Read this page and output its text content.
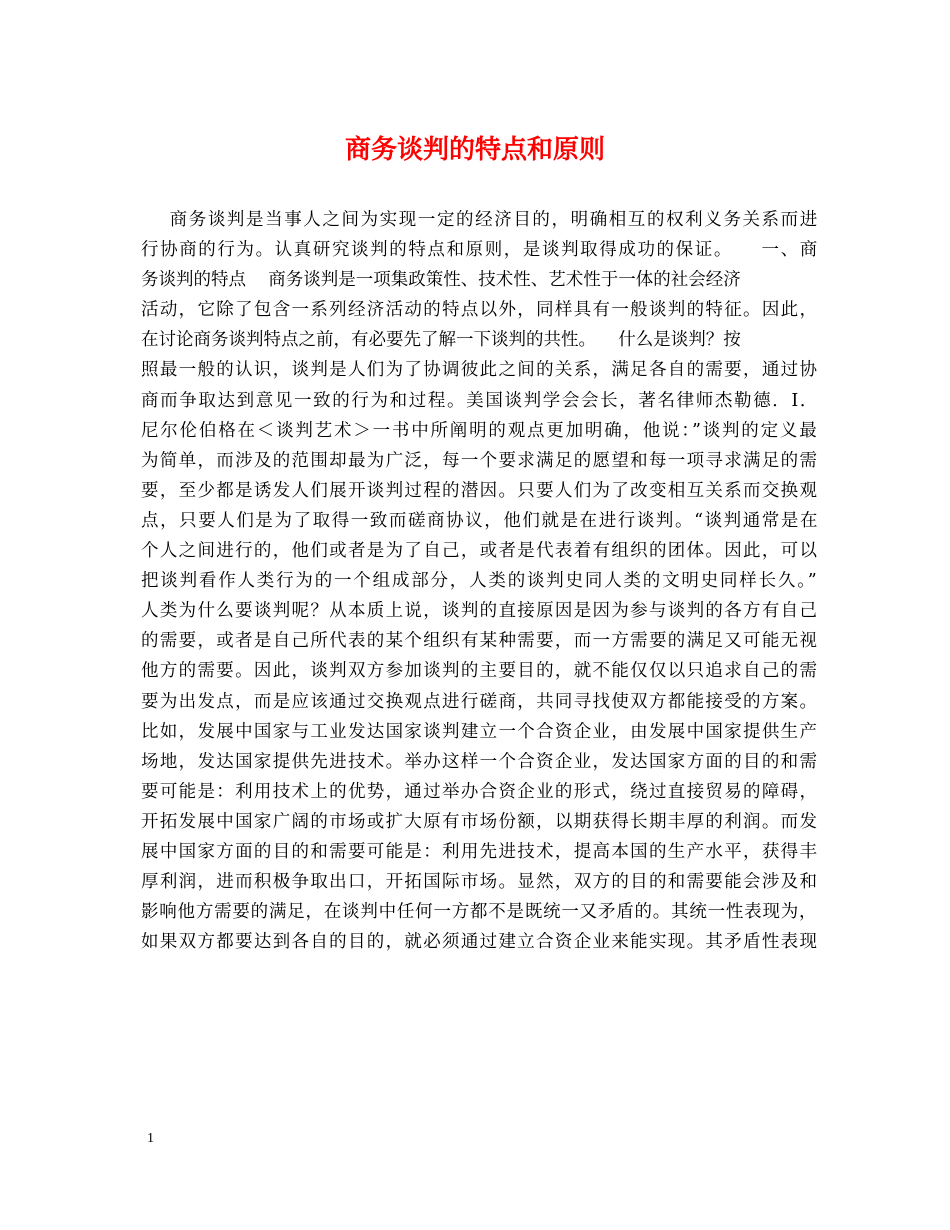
商务谈判的特点和原则
商务谈判是当事人之间为实现一定的经济目的，明确相互的权利义务关系而进
行协商的行为。认真研究谈判的特点和原则，是谈判取得成功的保证。    一、商
务谈判的特点    商务谈判是一项集政策性、技术性、艺术性于一体的社会经济
活动，它除了包含一系列经济活动的特点以外，同样具有一般谈判的特征。因此，
在讨论商务谈判特点之前，有必要先了解一下谈判的共性。    什么是谈判？按
照最一般的认识，谈判是人们为了协调彼此之间的关系，满足各自的需要，通过协
商而争取达到意见一致的行为和过程。美国谈判学会会长，著名律师杰勒德．I．
尼尔伦伯格在＜谈判艺术＞一书中所阐明的观点更加明确，他说：”谈判的定义最
为简单，而涉及的范围却最为广泛，每一个要求满足的愿望和每一项寻求满足的需
要，至少都是诱发人们展开谈判过程的潜因。只要人们为了改变相互关系而交换观
点，只要人们是为了取得一致而磋商协议，他们就是在进行谈判。“谈判通常是在
个人之间进行的，他们或者是为了自己，或者是代表着有组织的团体。因此，可以
把谈判看作人类行为的一个组成部分，人类的谈判史同人类的文明史同样长久。”
人类为什么要谈判呢？从本质上说，谈判的直接原因是因为参与谈判的各方有自己
的需要，或者是自己所代表的某个组织有某种需要，而一方需要的满足又可能无视
他方的需要。因此，谈判双方参加谈判的主要目的，就不能仅仅以只追求自己的需
要为出发点，而是应该通过交换观点进行磋商，共同寻找使双方都能接受的方案。
比如，发展中国家与工业发达国家谈判建立一个合资企业，由发展中国家提供生产
场地，发达国家提供先进技术。举办这样一个合资企业，发达国家方面的目的和需
要可能是：利用技术上的优势，通过举办合资企业的形式，绕过直接贸易的障碍，
开拓发展中国家广阔的市场或扩大原有市场份额，以期获得长期丰厚的利润。而发
展中国家方面的目的和需要可能是：利用先进技术，提高本国的生产水平，获得丰
厚利润，进而积极争取出口，开拓国际市场。显然，双方的目的和需要能会涉及和
影响他方需要的满足，在谈判中任何一方都不是既统一又矛盾的。其统一性表现为，
如果双方都要达到各自的目的，就必须通过建立合资企业来能实现。其矛盾性表现
1
